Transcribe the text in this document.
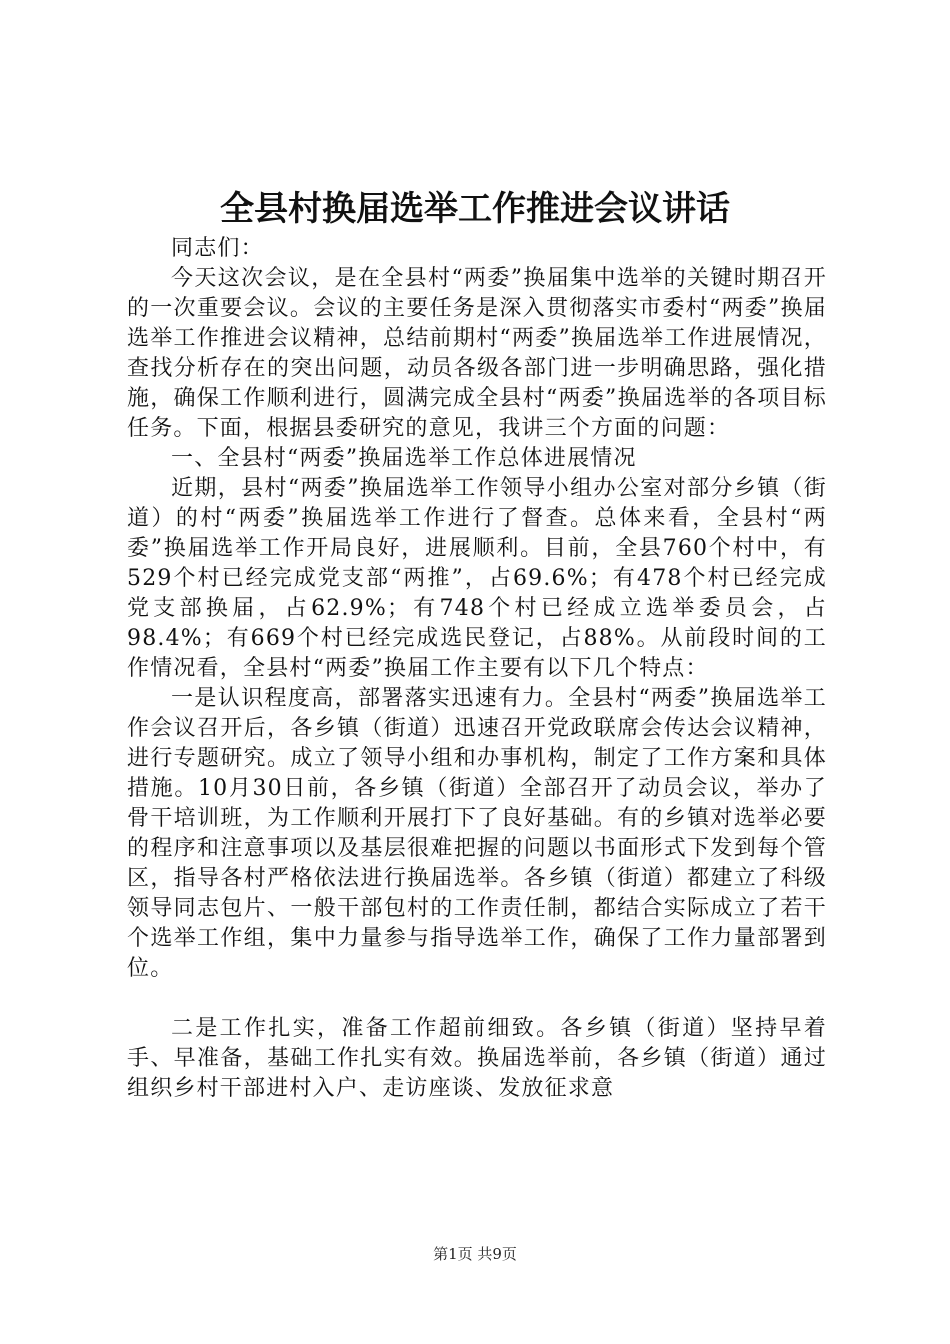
全县村换届选举工作推进会议讲话

同志们：

今天这次会议，是在全县村“两委”换届集中选举的关键时期召开的一次重要会议。会议的主要任务是深入贯彻落实市委村“两委”换届选举工作推进会议精神，总结前期村“两委”换届选举工作进展情况，查找分析存在的突出问题，动员各级各部门进一步明确思路，强化措施，确保工作顺利进行，圆满完成全县村“两委”换届选举的各项目标任务。下面，根据县委研究的意见，我讲三个方面的问题：

一、全县村“两委”换届选举工作总体进展情况

近期，县村“两委”换届选举工作领导小组办公室对部分乡镇（街道）的村“两委”换届选举工作进行了督查。总体来看，全县村“两委”换届选举工作开局良好，进展顺利。目前，全县760个村中，有529个村已经完成党支部“两推”，占69.6%；有478个村已经完成党支部换届，占62.9%；有748个村已经成立选举委员会，占98.4%；有669个村已经完成选民登记，占88%。从前段时间的工作情况看，全县村“两委”换届工作主要有以下几个特点：

一是认识程度高，部署落实迅速有力。全县村“两委”换届选举工作会议召开后，各乡镇（街道）迅速召开党政联席会传达会议精神，进行专题研究。成立了领导小组和办事机构，制定了工作方案和具体措施。10月30日前，各乡镇（街道）全部召开了动员会议，举办了骨干培训班，为工作顺利开展打下了良好基础。有的乡镇对选举必要的程序和注意事项以及基层很难把握的问题以书面形式下发到每个管区，指导各村严格依法进行换届选举。各乡镇（街道）都建立了科级领导同志包片、一般干部包村的工作责任制，都结合实际成立了若干个选举工作组，集中力量参与指导选举工作，确保了工作力量部署到位。

二是工作扎实，准备工作超前细致。各乡镇（街道）坚持早着手、早准备，基础工作扎实有效。换届选举前，各乡镇（街道）通过组织乡村干部进村入户、走访座谈、发放征求意

第1页 共9页
